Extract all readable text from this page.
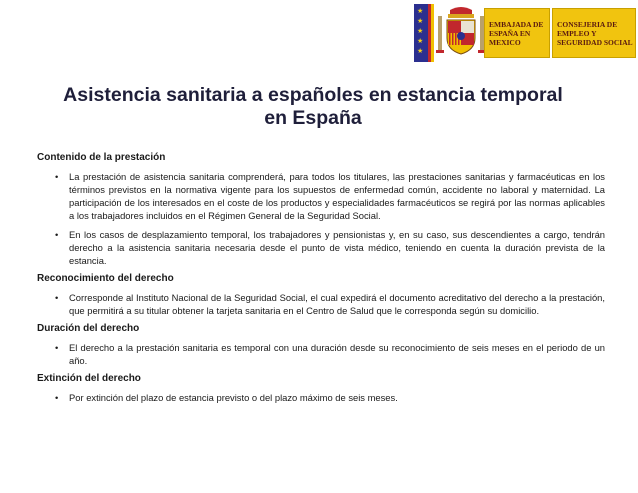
★
★
★
★
★
EMBAJADA DE
ESPAÑA EN
MEXICO
CONSEJERIA DE
EMPLEO Y
SEGURIDAD SOCIAL
Asistencia sanitaria a españoles en estancia temporal
en España

Contenido de la prestación

• La prestación de asistencia sanitaria comprenderá, para todos los titulares, las prestaciones sanitarias y farmacéuticas en los términos previstos en la normativa vigente para los supuestos de enfermedad común, accidente no laboral y maternidad. La participación de los interesados en el coste de los productos y especialidades farmacéuticos se regirá por las normas aplicables a los trabajadores incluidos en el Régimen General de la Seguridad Social.
• En los casos de desplazamiento temporal, los trabajadores y pensionistas y, en su caso, sus descendientes a cargo, tendrán derecho a la asistencia sanitaria necesaria desde el punto de vista médico, teniendo en cuenta la duración prevista de la estancia.

Reconocimiento del derecho

• Corresponde al Instituto Nacional de la Seguridad Social, el cual expedirá el documento acreditativo del derecho a la prestación, que permitirá a su titular obtener la tarjeta sanitaria en el Centro de Salud que le corresponda según su domicilio.

Duración del derecho

• El derecho a la prestación sanitaria es temporal con una duración desde su reconocimiento de seis meses en el periodo de un año.

Extinción del derecho

• Por extinción del plazo de estancia previsto o del plazo máximo de seis meses.
